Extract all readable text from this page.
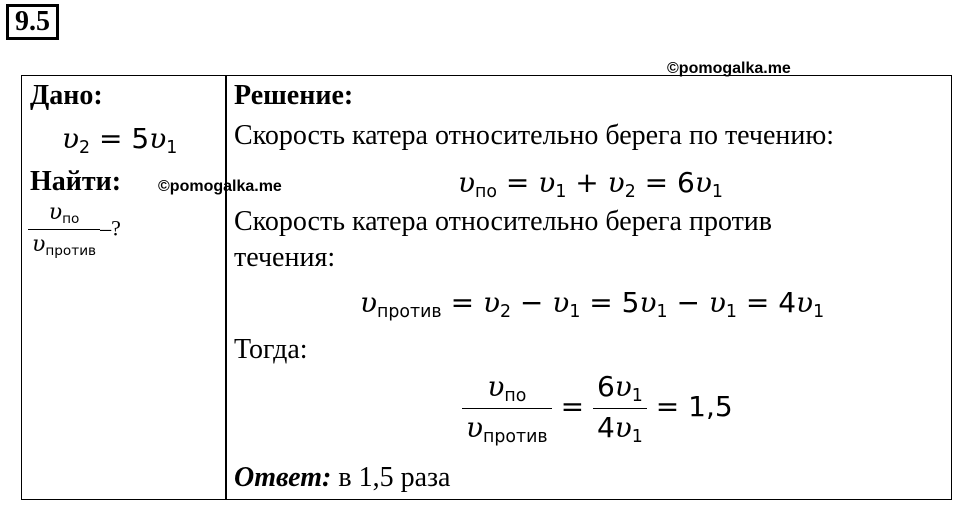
9.5
©pomogalka.me
Дано:
$\upsilon_2 = 5\upsilon_1$
Найти: ©pomogalka.me
$\frac{\upsilon_{по}}{\upsilon_{против}}$ –?
Решение:
Скорость катера относительно берега по течению:
$\upsilon_{по} = \upsilon_1 + \upsilon_2 = 6\upsilon_1$
Скорость катера относительно берега против
течения:
$\upsilon_{против} = \upsilon_2 - \upsilon_1 = 5\upsilon_1 - \upsilon_1 = 4\upsilon_1$
Тогда:
$\frac{\upsilon_{по}}{\upsilon_{против}} = \frac{6\upsilon_1}{4\upsilon_1} = 1,5$
Ответ: в 1,5 раза
